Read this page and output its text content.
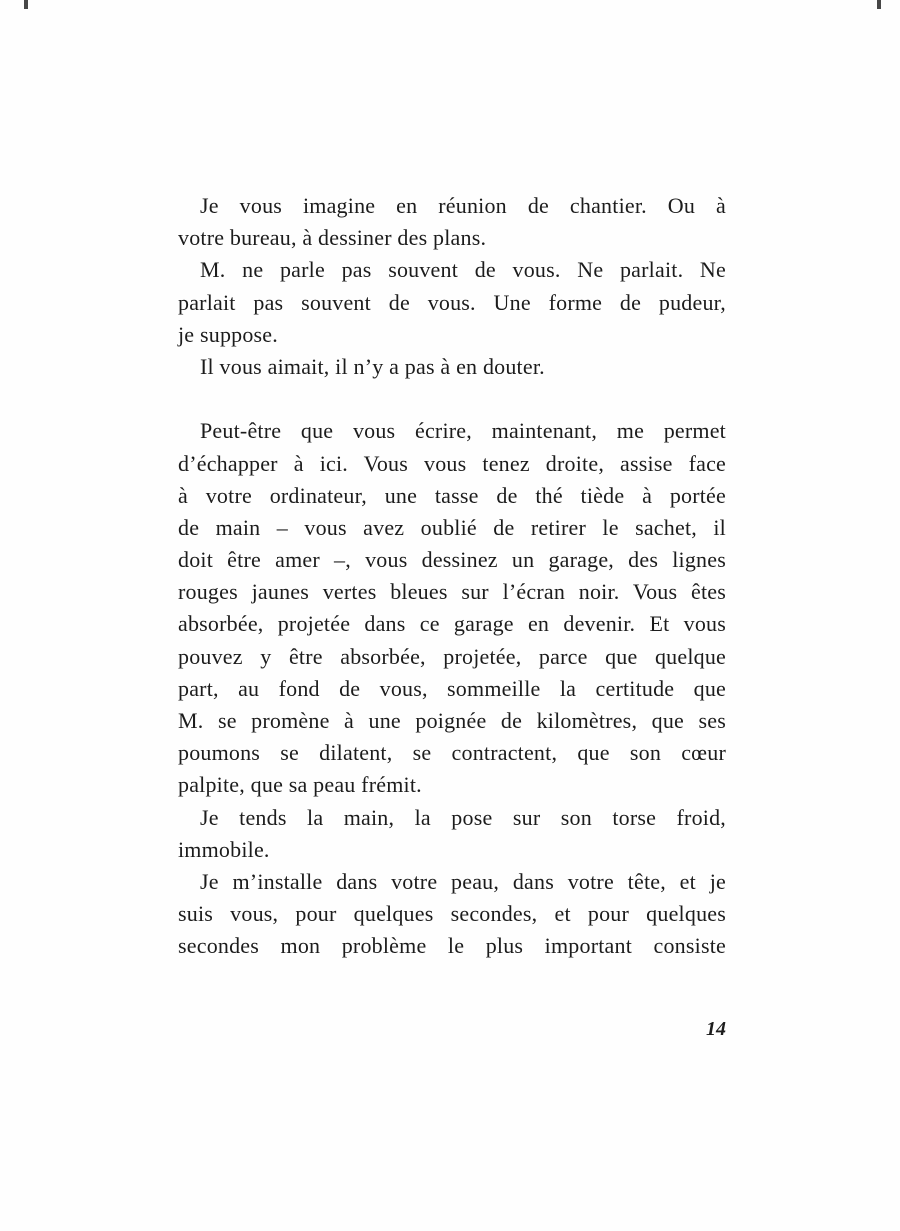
Je vous imagine en réunion de chantier. Ou à
votre bureau, à dessiner des plans.
M. ne parle pas souvent de vous. Ne parlait. Ne
parlait pas souvent de vous. Une forme de pudeur,
je suppose.
Il vous aimait, il n’y a pas à en douter.
Peut-être que vous écrire, maintenant, me permet
d’échapper à ici. Vous vous tenez droite, assise face
à votre ordinateur, une tasse de thé tiède à portée
de main – vous avez oublié de retirer le sachet, il
doit être amer –, vous dessinez un garage, des lignes
rouges jaunes vertes bleues sur l’écran noir. Vous êtes
absorbée, projetée dans ce garage en devenir. Et vous
pouvez y être absorbée, projetée, parce que quelque
part, au fond de vous, sommeille la certitude que
M. se promène à une poignée de kilomètres, que ses
poumons se dilatent, se contractent, que son cœur
palpite, que sa peau frémit.
Je tends la main, la pose sur son torse froid,
immobile.
Je m’installe dans votre peau, dans votre tête, et je
suis vous, pour quelques secondes, et pour quelques
secondes mon problème le plus important consiste
14
